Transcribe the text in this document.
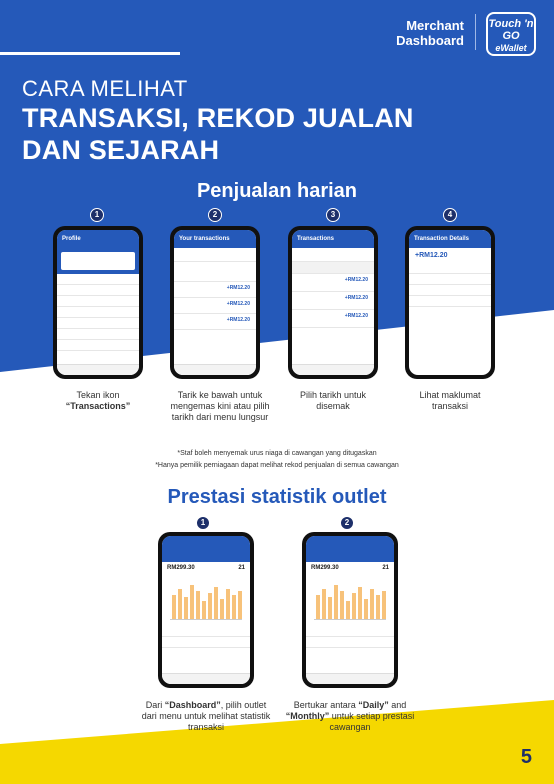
Merchant
Dashboard
Touch 'n GO
eWallet
CARA MELIHAT
TRANSAKSI, REKOD JUALAN DAN SEJARAH
Penjualan harian
1	2	3	4
Profile	Your transactions
+RM12.20
+RM12.20
+RM12.20
Transactions
+RM12.20
+RM12.20
+RM12.20
Transaction Details
+RM12.20
Tekan ikon
“Transactions”
Tarik ke bawah untuk mengemas kini atau pilih tarikh dari menu lungsur
Pilih tarikh untuk disemak
Lihat maklumat transaksi
*Staf boleh menyemak urus niaga di cawangan yang ditugaskan
*Hanya pemilik perniagaan dapat melihat rekod penjualan di semua cawangan
Prestasi statistik outlet
1	2
RM299.30	21	RM299.30	21
Dari “Dashboard”, pilih outlet dari menu untuk melihat statistik transaksi
Bertukar antara “Daily” and “Monthly” untuk setiap prestasi cawangan
5
